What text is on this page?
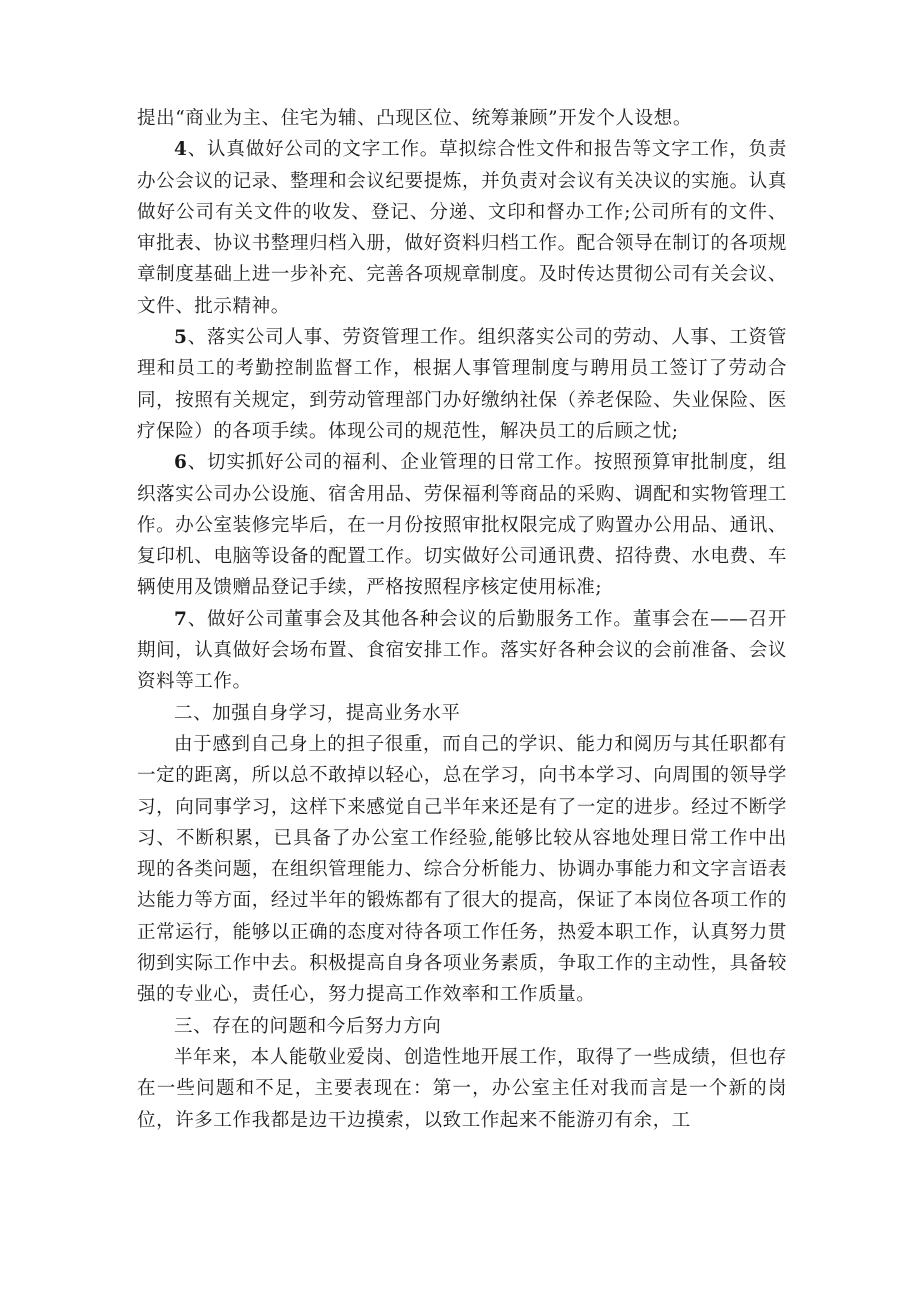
提出“商业为主、住宅为辅、凸现区位、统筹兼顾”开发个人设想。

4、认真做好公司的文字工作。草拟综合性文件和报告等文字工作，负责办公会议的记录、整理和会议纪要提炼，并负责对会议有关决议的实施。认真做好公司有关文件的收发、登记、分递、文印和督办工作;公司所有的文件、审批表、协议书整理归档入册，做好资料归档工作。配合领导在制订的各项规章制度基础上进一步补充、完善各项规章制度。及时传达贯彻公司有关会议、文件、批示精神。

5、落实公司人事、劳资管理工作。组织落实公司的劳动、人事、工资管理和员工的考勤控制监督工作，根据人事管理制度与聘用员工签订了劳动合同，按照有关规定，到劳动管理部门办好缴纳社保（养老保险、失业保险、医疗保险）的各项手续。体现公司的规范性，解决员工的后顾之忧;

6、切实抓好公司的福利、企业管理的日常工作。按照预算审批制度，组织落实公司办公设施、宿舍用品、劳保福利等商品的采购、调配和实物管理工作。办公室装修完毕后，在一月份按照审批权限完成了购置办公用品、通讯、复印机、电脑等设备的配置工作。切实做好公司通讯费、招待费、水电费、车辆使用及馈赠品登记手续，严格按照程序核定使用标准;

7、做好公司董事会及其他各种会议的后勤服务工作。董事会在——召开期间，认真做好会场布置、食宿安排工作。落实好各种会议的会前准备、会议资料等工作。

二、加强自身学习，提高业务水平

由于感到自己身上的担子很重，而自己的学识、能力和阅历与其任职都有一定的距离，所以总不敢掉以轻心，总在学习，向书本学习、向周围的领导学习，向同事学习，这样下来感觉自己半年来还是有了一定的进步。经过不断学习、不断积累，已具备了办公室工作经验,能够比较从容地处理日常工作中出现的各类问题，在组织管理能力、综合分析能力、协调办事能力和文字言语表达能力等方面，经过半年的锻炼都有了很大的提高，保证了本岗位各项工作的正常运行，能够以正确的态度对待各项工作任务，热爱本职工作，认真努力贯彻到实际工作中去。积极提高自身各项业务素质，争取工作的主动性，具备较强的专业心，责任心，努力提高工作效率和工作质量。

三、存在的问题和今后努力方向

半年来，本人能敬业爱岗、创造性地开展工作，取得了一些成绩，但也存在一些问题和不足，主要表现在：第一，办公室主任对我而言是一个新的岗位，许多工作我都是边干边摸索，以致工作起来不能游刃有余，工
